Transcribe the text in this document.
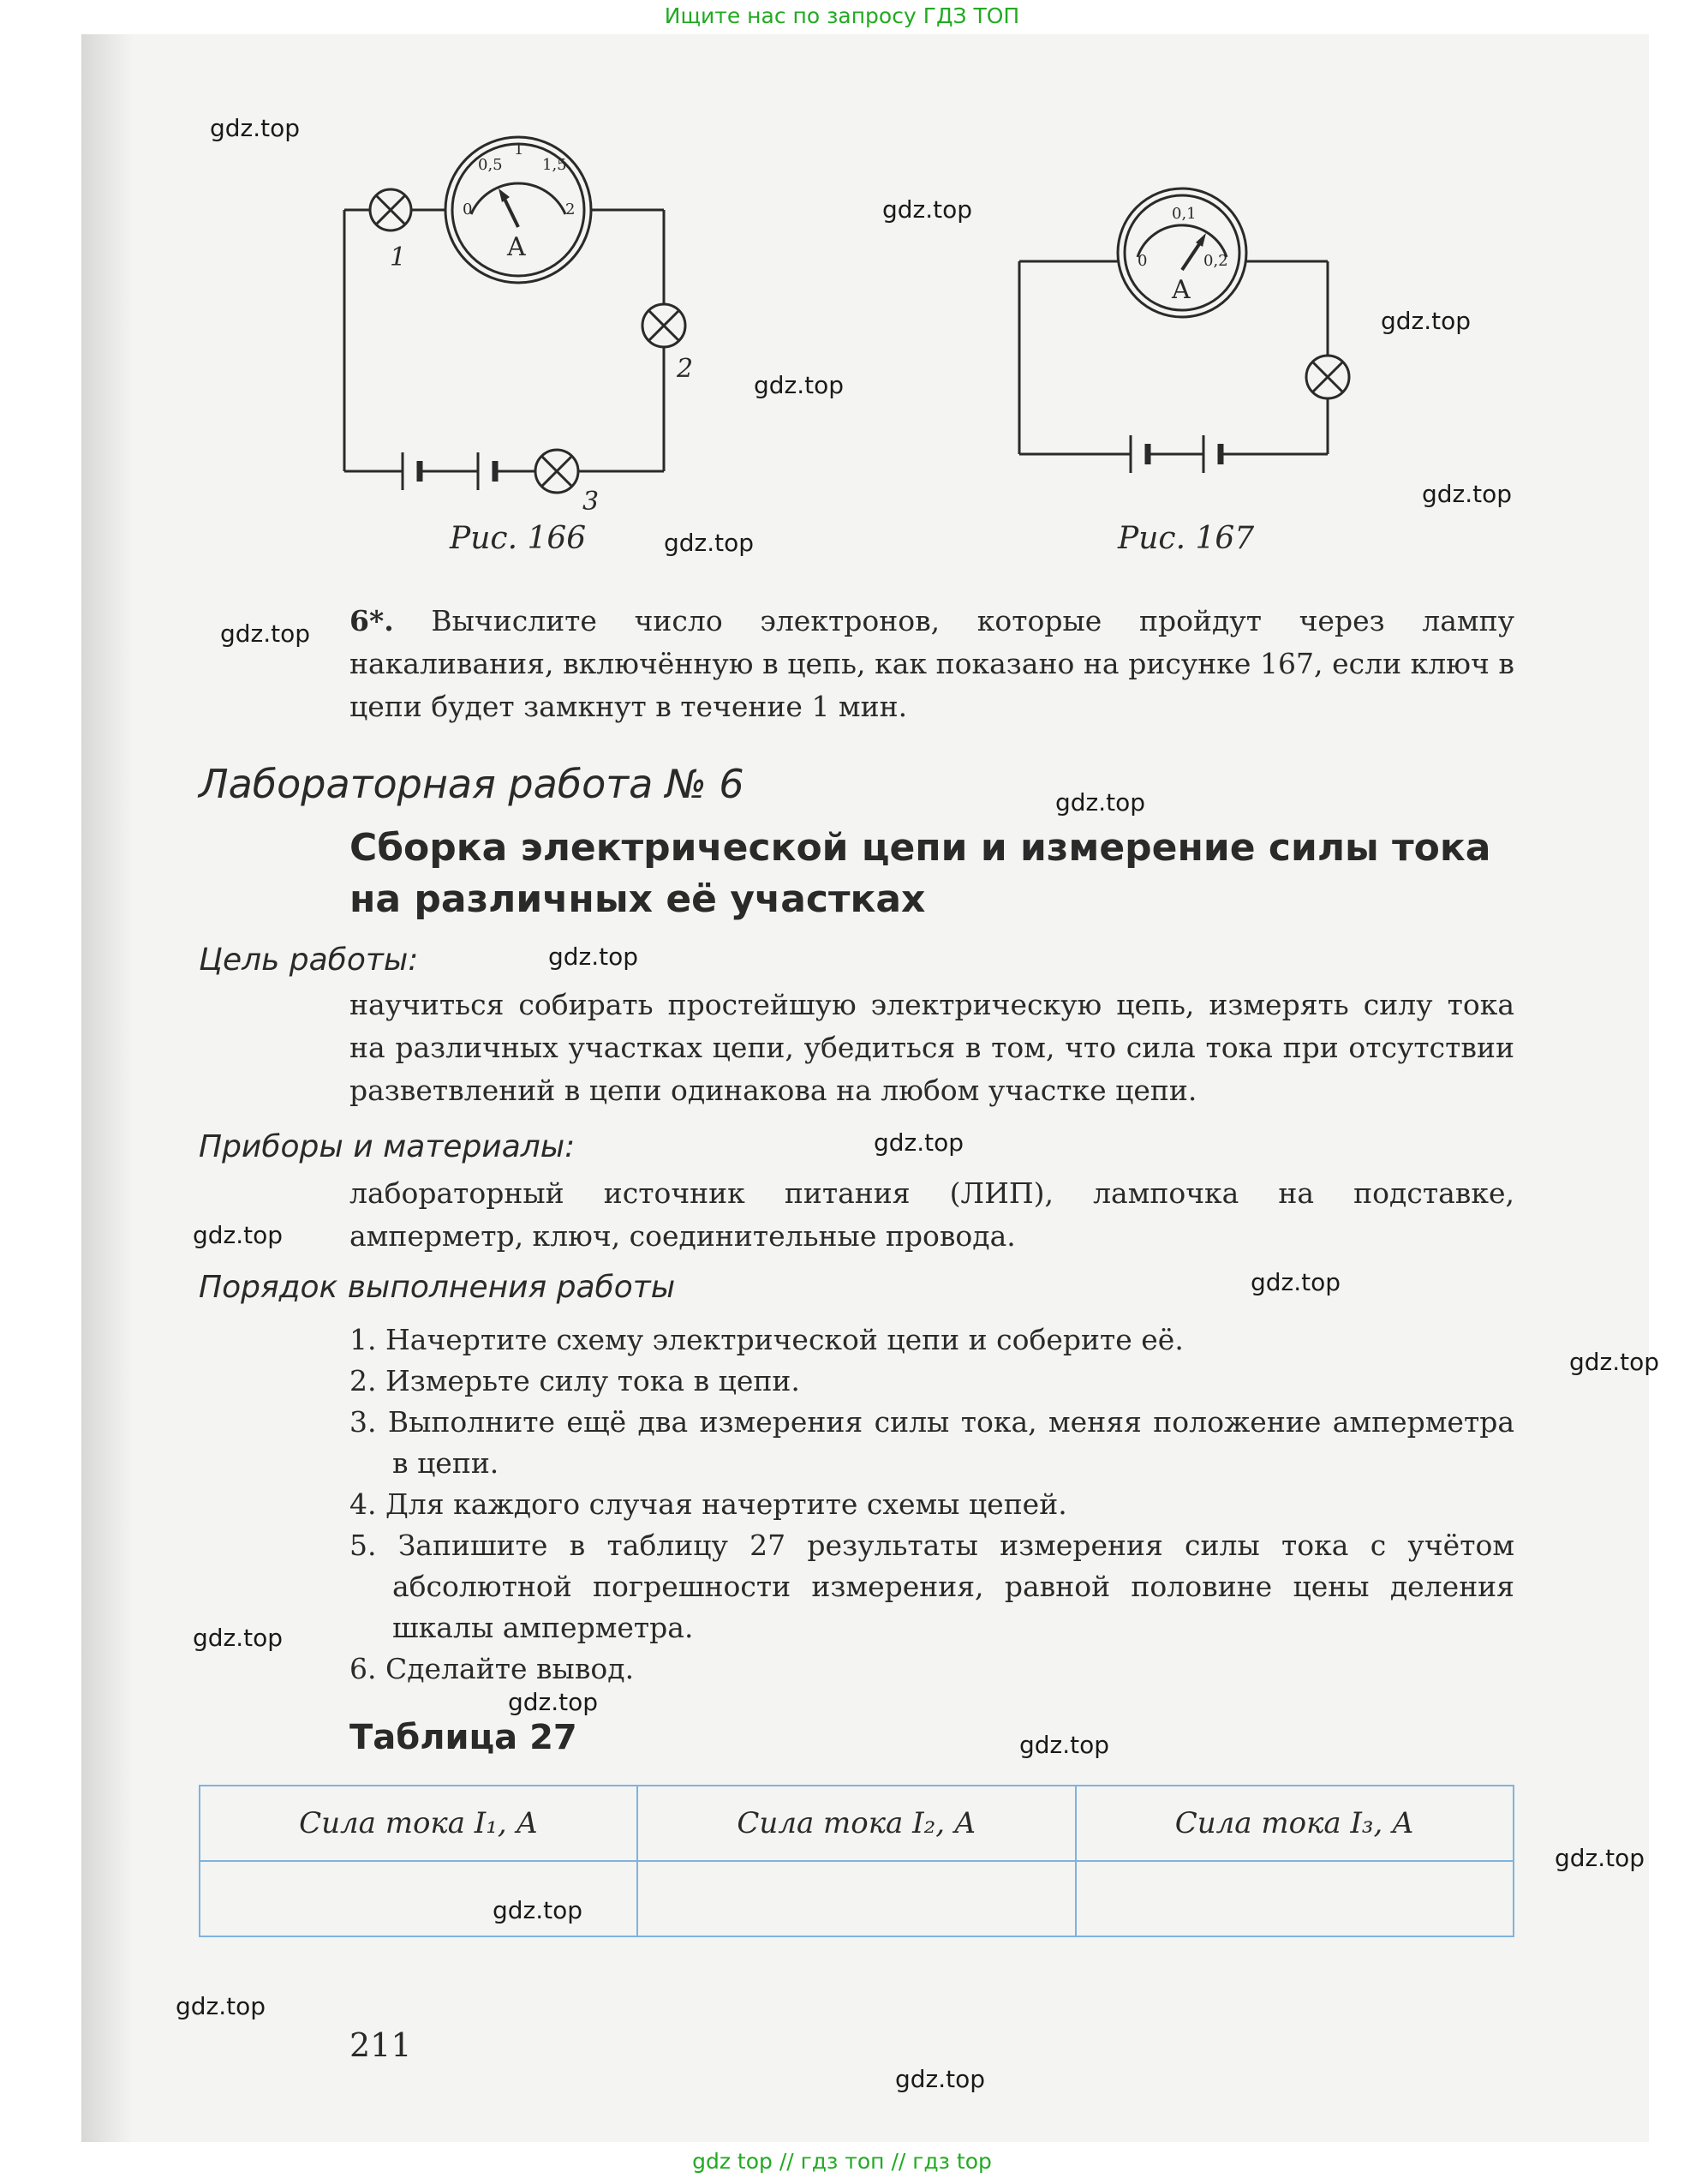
Ищите нас по запросу ГДЗ ТОП
0
0,5
1
1,5
2
A
1
2
3
Рис. 166
0
0,1
0,2
A
Рис. 167
6*. Вычислите число электронов, которые пройдут через лампу накаливания, включённую в цепь, как показано на рисунке 167, если ключ в цепи будет замкнут в течение 1 мин.
Лабораторная работа № 6
Сборка электрической цепи и измерение силы тока на различных её участках
Цель работы:
научиться собирать простейшую электрическую цепь, измерять силу тока на различных участках цепи, убедиться в том, что сила тока при отсутствии разветвлений в цепи одинакова на любом участке цепи.
Приборы и материалы:
лабораторный источник питания (ЛИП), лампочка на подставке, амперметр, ключ, соединительные провода.
Порядок выполнения работы
1. Начертите схему электрической цепи и соберите её.
2. Измерьте силу тока в цепи.
3. Выполните ещё два измерения силы тока, меняя положение амперметра в цепи.
4. Для каждого случая начертите схемы цепей.
5. Запишите в таблицу 27 результаты измерения силы тока с учётом абсолютной погрешности измерения, равной половине цены деления шкалы амперметра.
6. Сделайте вывод.
Таблица 27
Сила тока I₁, А	Сила тока I₂, А	Сила тока I₃, А

211
gdz.top
gdz.top
gdz.top
gdz.top
gdz.top
gdz.top
gdz.top
gdz.top
gdz.top
gdz.top
gdz.top
gdz.top
gdz.top
gdz.top
gdz.top
gdz.top
gdz.top
gdz.top
gdz.top
gdz.top
gdz top // гдз топ // гдз top
